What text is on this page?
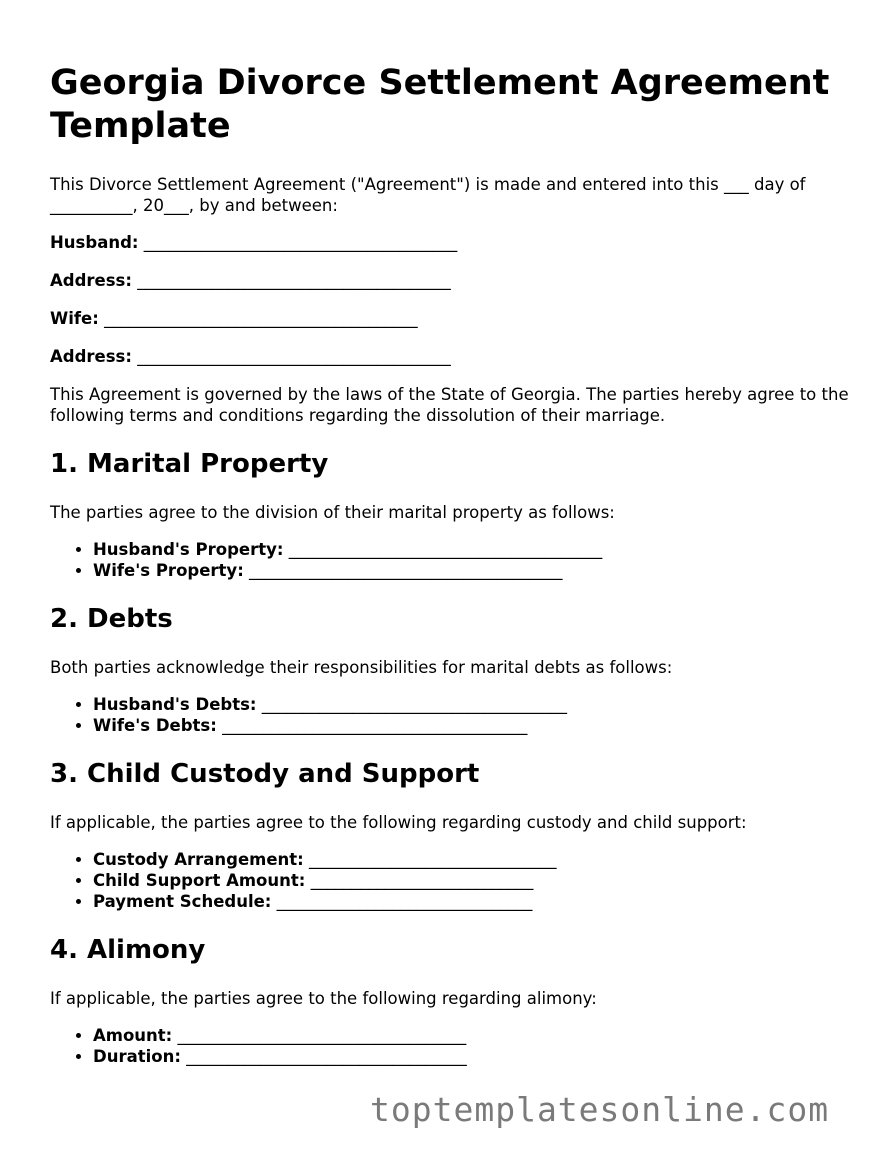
Georgia Divorce Settlement Agreement Template

This Divorce Settlement Agreement ("Agreement") is made and entered into this ___ day of __________, 20___, by and between:

Husband: ______________________________________
Address: ______________________________________
Wife: ______________________________________
Address: ______________________________________

This Agreement is governed by the laws of the State of Georgia. The parties hereby agree to the following terms and conditions regarding the dissolution of their marriage.

1. Marital Property

The parties agree to the division of their marital property as follows:

• Husband's Property: ______________________________________
• Wife's Property: ______________________________________
2. Debts

Both parties acknowledge their responsibilities for marital debts as follows:

• Husband's Debts: _____________________________________
• Wife's Debts: _____________________________________
3. Child Custody and Support

If applicable, the parties agree to the following regarding custody and child support:

• Custody Arrangement: ______________________________
• Child Support Amount: ___________________________
• Payment Schedule: _______________________________
4. Alimony

If applicable, the parties agree to the following regarding alimony:

• Amount: ___________________________________
• Duration: __________________________________
toptemplatesonline.com
